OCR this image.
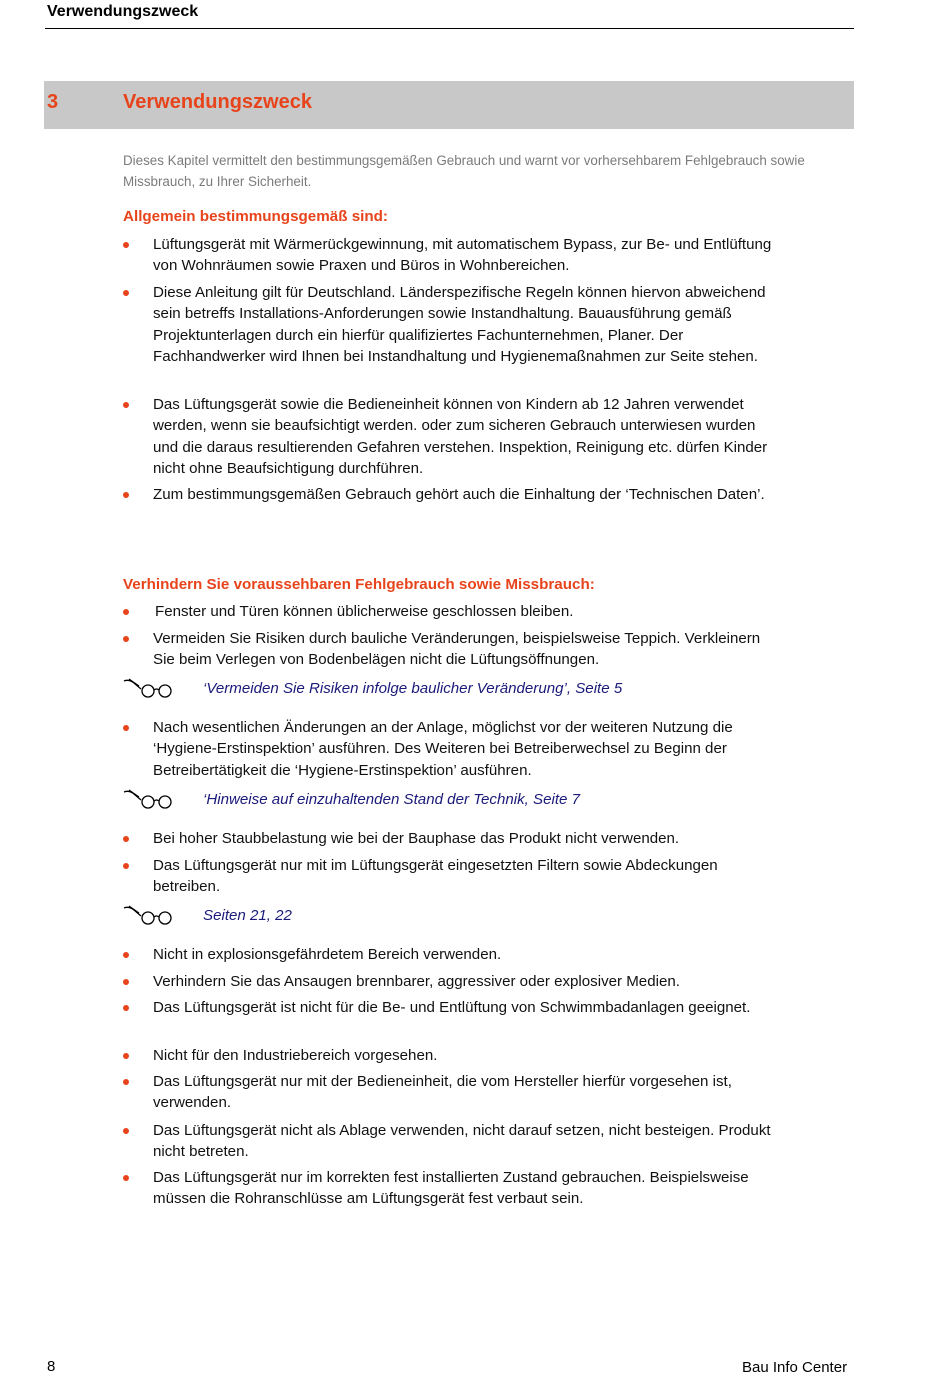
Verwendungszweck
3	Verwendungszweck
Dieses Kapitel vermittelt den bestimmungsgemäßen Gebrauch und warnt vor vorhersehbarem Fehlgebrauch sowie Missbrauch, zu Ihrer Sicherheit.
Allgemein bestimmungsgemäß sind:
Lüftungsgerät mit Wärmerückgewinnung, mit automatischem Bypass, zur Be- und Entlüftung von Wohnräumen sowie Praxen und Büros in Wohnbereichen.
Diese Anleitung gilt für Deutschland. Länderspezifische Regeln können hiervon abweichend sein betreffs Installations-Anforderungen sowie Instandhaltung. Bauausführung gemäß Projektunterlagen durch ein hierfür qualifiziertes Fachunternehmen, Planer. Der Fachhandwerker wird Ihnen bei Instandhaltung und Hygienemaßnahmen zur Seite stehen.
Das Lüftungsgerät sowie die Bedieneinheit können von Kindern ab 12 Jahren verwendet werden, wenn sie beaufsichtigt werden. oder zum sicheren Gebrauch unterwiesen wurden und die daraus resultierenden Gefahren verstehen. Inspektion, Reinigung etc. dürfen Kinder nicht ohne Beaufsichtigung durchführen.
Zum bestimmungsgemäßen Gebrauch gehört auch die Einhaltung der ‘Technischen Daten’.
Verhindern Sie voraussehbaren Fehlgebrauch sowie Missbrauch:
Fenster und Türen können üblicherweise geschlossen bleiben.
Vermeiden Sie Risiken durch bauliche Veränderungen, beispielsweise Teppich. Verkleinern Sie beim Verlegen von Bodenbelägen nicht die Lüftungsöffnungen.
Nach wesentlichen Änderungen an der Anlage, möglichst vor der weiteren Nutzung die ‘Hygiene-Erstinspektion’ ausführen. Des Weiteren bei Betreiberwechsel zu Beginn der Betreibertätigkeit die ‘Hygiene-Erstinspektion’ ausführen.
Bei hoher Staubbelastung wie bei der Bauphase das Produkt nicht verwenden.
Das Lüftungsgerät nur mit im Lüftungsgerät eingesetzten Filtern sowie Abdeckungen betreiben.
Nicht in explosionsgefährdetem Bereich verwenden.
Verhindern Sie das Ansaugen brennbarer, aggressiver oder explosiver Medien.
Das Lüftungsgerät ist nicht für die Be- und Entlüftung von Schwimmbadanlagen geeignet.
Nicht für den Industriebereich vorgesehen.
Das Lüftungsgerät nur mit der Bedieneinheit, die vom Hersteller hierfür vorgesehen ist, verwenden.
Das Lüftungsgerät nicht als Ablage verwenden, nicht darauf setzen, nicht besteigen. Produkt nicht betreten.
Das Lüftungsgerät nur im korrekten fest installierten Zustand gebrauchen. Beispielsweise müssen die Rohranschlüsse am Lüftungsgerät fest verbaut sein.
‘Vermeiden Sie Risiken infolge baulicher Veränderung’, Seite 5
‘Hinweise auf einzuhaltenden Stand der Technik, Seite 7
Seiten 21, 22
8	Bau Info Center
